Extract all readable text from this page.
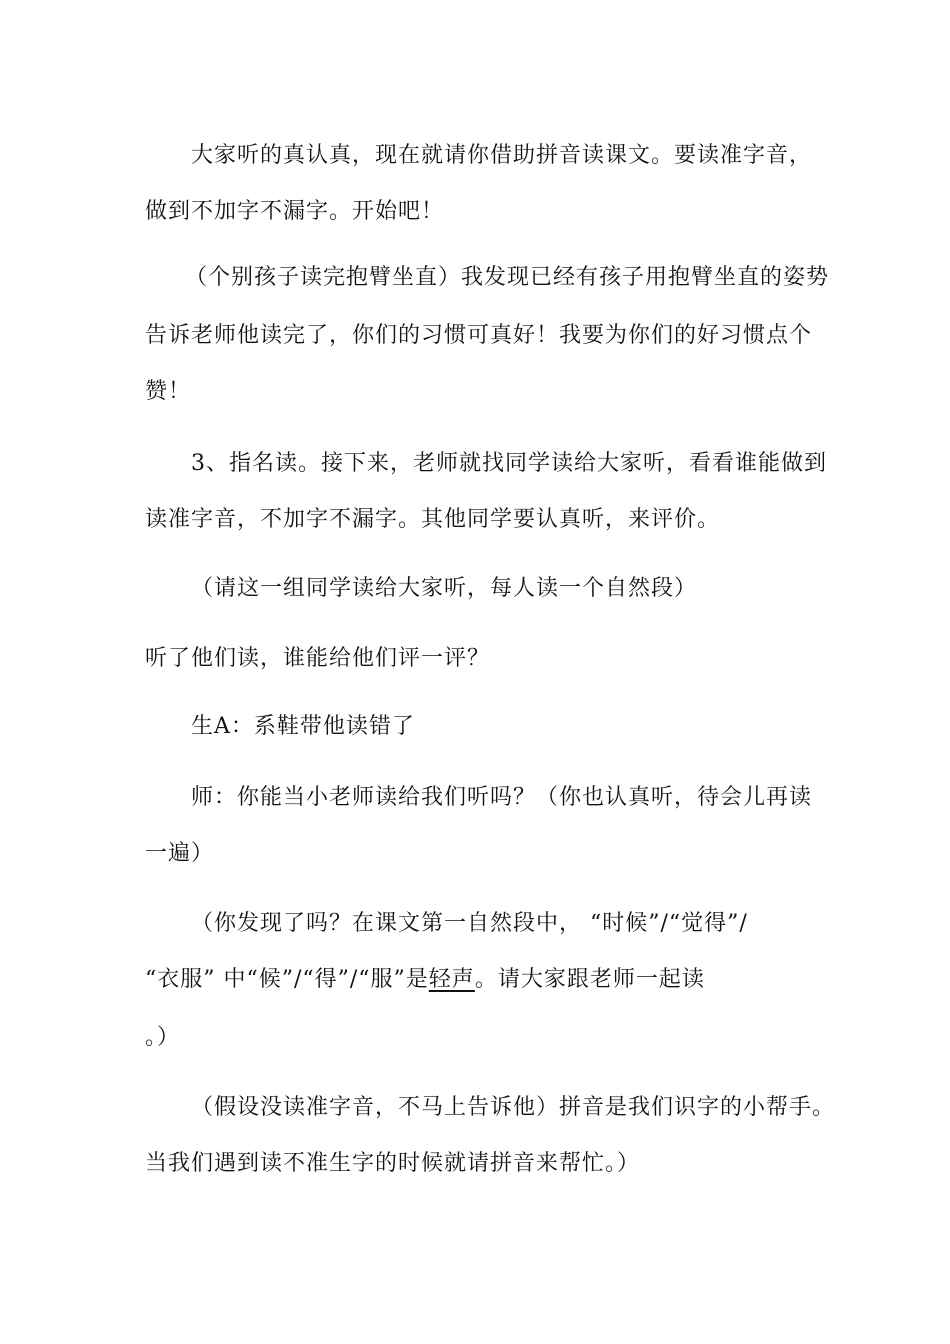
大家听的真认真，现在就请你借助拼音读课文。要读准字音，
做到不加字不漏字。开始吧！
（个别孩子读完抱臂坐直）我发现已经有孩子用抱臂坐直的姿势
告诉老师他读完了，你们的习惯可真好！我要为你们的好习惯点个
赞！
3、指名读。接下来，老师就找同学读给大家听，看看谁能做到
读准字音，不加字不漏字。其他同学要认真听，来评价。
（请这一组同学读给大家听，每人读一个自然段）
听了他们读，谁能给他们评一评？
生A：系鞋带他读错了
师：你能当小老师读给我们听吗？（你也认真听，待会儿再读
一遍）
（你发现了吗？在课文第一自然段中， “时候”/“觉得”/
“衣服” 中“候”/“得”/“服”是轻声。请大家跟老师一起读
。）
（假设没读准字音，不马上告诉他）拼音是我们识字的小帮手。
当我们遇到读不准生字的时候就请拼音来帮忙。）
